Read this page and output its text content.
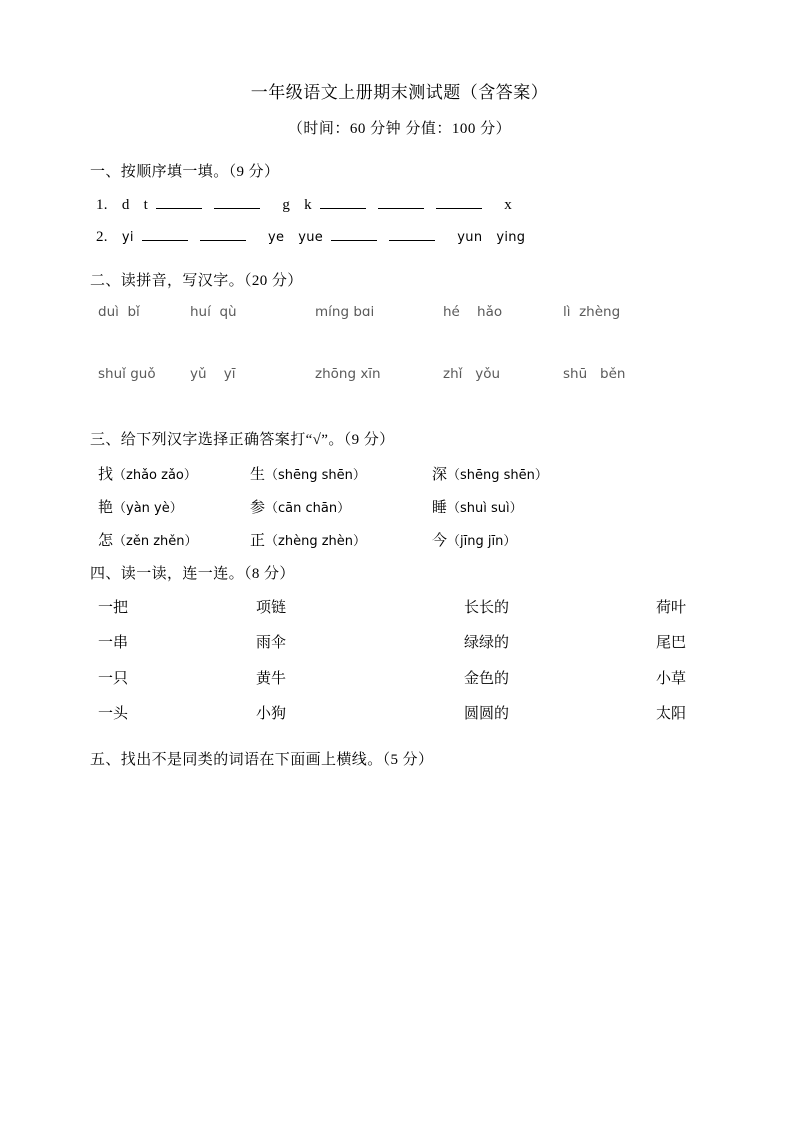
一年级语文上册期末测试题（含答案）
（时间：60 分钟 分值：100 分）
一、按顺序填一填。（9 分）
1. d t	g k	x
2. yi	ye yue	yun ying
二、读拼音，写汉字。（20 分）
duì  bǐ	huí  qù	míng bɑi	hé    hǎo	lì  zhèng
shuǐ guǒ	yǔ    yī	zhōng xīn	zhǐ   yǒu	shū   běn
三、给下列汉字选择正确答案打“√”。（9 分）
找（zhǎo zǎo）	生（shēng shēn）	深（shēng shēn）
艳（yàn yè）	参（cān chān）	睡（shuì suì）
怎（zěn zhěn）	正（zhèng zhèn）	今（jīng jīn）
四、读一读，连一连。（8 分）
一把	项链	长长的	荷叶
一串	雨伞	绿绿的	尾巴
一只	黄牛	金色的	小草
一头	小狗	圆圆的	太阳
五、找出不是同类的词语在下面画上横线。（5 分）
